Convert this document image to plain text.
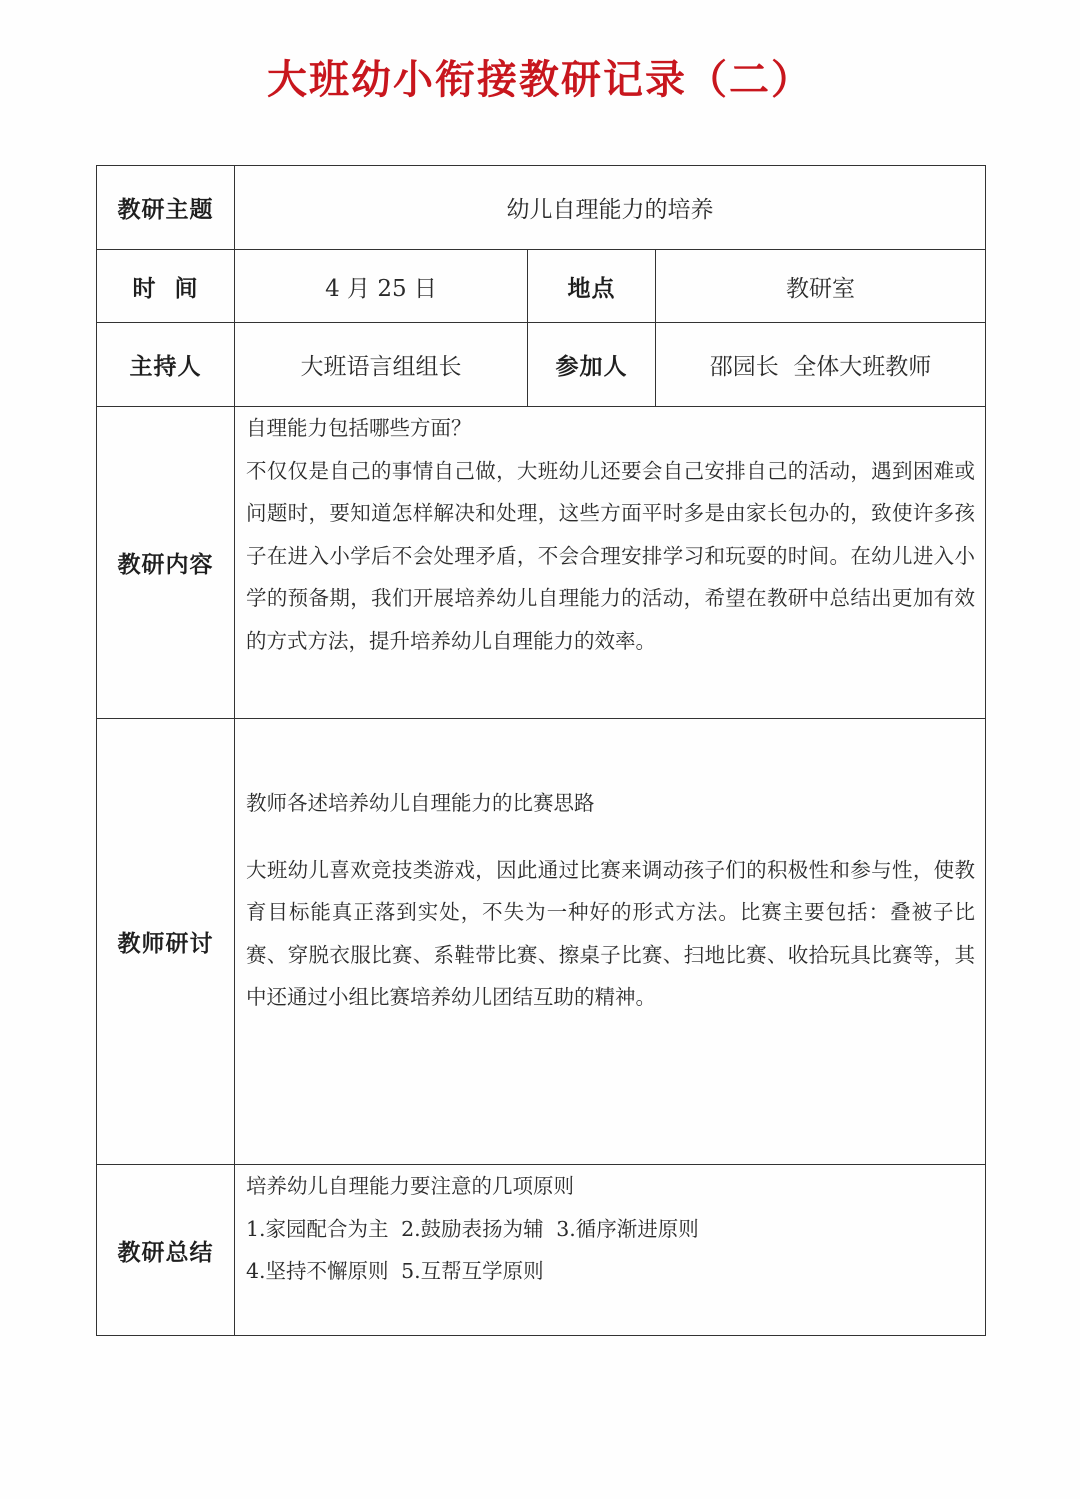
大班幼小衔接教研记录（二）
教研主题	幼儿自理能力的培养		
时  间	4 月 25 日	地点	教研室
主持人	大班语言组组长	参加人	邵园长  全体大班教师
教研内容	自理能力包括哪些方面？

不仅仅是自己的事情自己做，大班幼儿还要会自己安排自己的活动，遇到困难或问题时，要知道怎样解决和处理，这些方面平时多是由家长包办的，致使许多孩子在进入小学后不会处理矛盾，不会合理安排学习和玩耍的时间。在幼儿进入小学的预备期，我们开展培养幼儿自理能力的活动，希望在教研中总结出更加有效的方式方法，提升培养幼儿自理能力的效率。		

教师研讨	教师各述培养幼儿自理能力的比赛思路

大班幼儿喜欢竞技类游戏，因此通过比赛来调动孩子们的积极性和参与性，使教育目标能真正落到实处，不失为一种好的形式方法。比赛主要包括：叠被子比赛、穿脱衣服比赛、系鞋带比赛、擦桌子比赛、扫地比赛、收拾玩具比赛等，其中还通过小组比赛培养幼儿团结互助的精神。		

教研总结	培养幼儿自理能力要注意的几项原则

1.家园配合为主 2.鼓励表扬为辅 3.循序渐进原则

4.坚持不懈原则 5.互帮互学原则		
